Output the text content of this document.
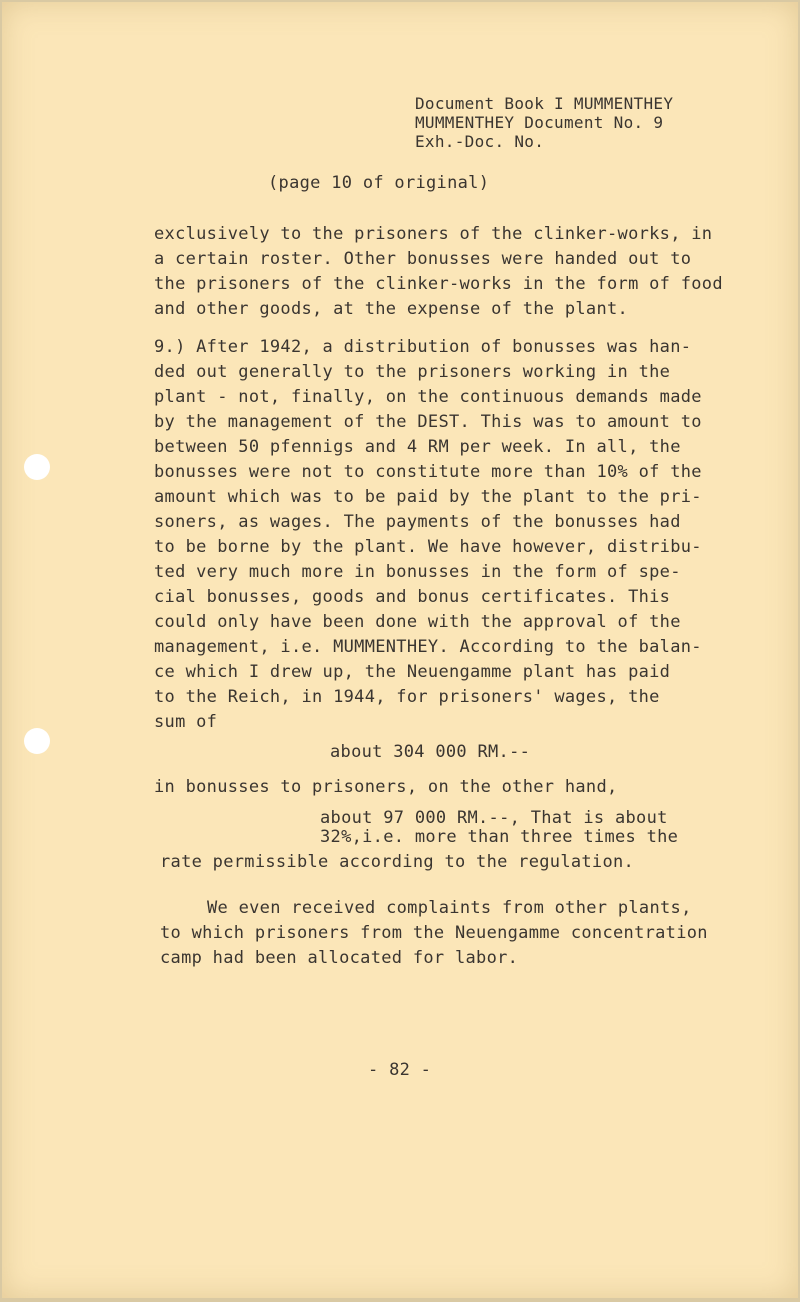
Document Book I MUMMENTHEY
MUMMENTHEY Document No. 9
Exh.-Doc. No.
(page 10 of original)
exclusively to the prisoners of the clinker-works, in
a certain roster. Other bonusses were handed out to
the prisoners of the clinker-works in the form of food
and other goods, at the expense of the plant.
9.) After 1942, a distribution of bonusses was han-
ded out generally to the prisoners working in the
plant - not, finally, on the continuous demands made
by the management of the DEST. This was to amount to
between 50 pfennigs and 4 RM per week. In all, the
bonusses were not to constitute more than 10% of the
amount which was to be paid by the plant to the pri-
soners, as wages. The payments of the bonusses had
to be borne by the plant. We have however, distribu-
ted very much more in bonusses in the form of spe-
cial bonusses, goods and bonus certificates. This
could only have been done with the approval of the
management, i.e. MUMMENTHEY. According to the balan-
ce which I drew up, the Neuengamme plant has paid
to the Reich, in 1944, for prisoners' wages, the
sum of
about 304 000 RM.--
in bonusses to prisoners, on the other hand,
about 97 000 RM.--, That is about
32%,i.e. more than three times the
rate permissible according to the regulation.
We even received complaints from other plants,
to which prisoners from the Neuengamme concentration
camp had been allocated for labor.
- 82 -
